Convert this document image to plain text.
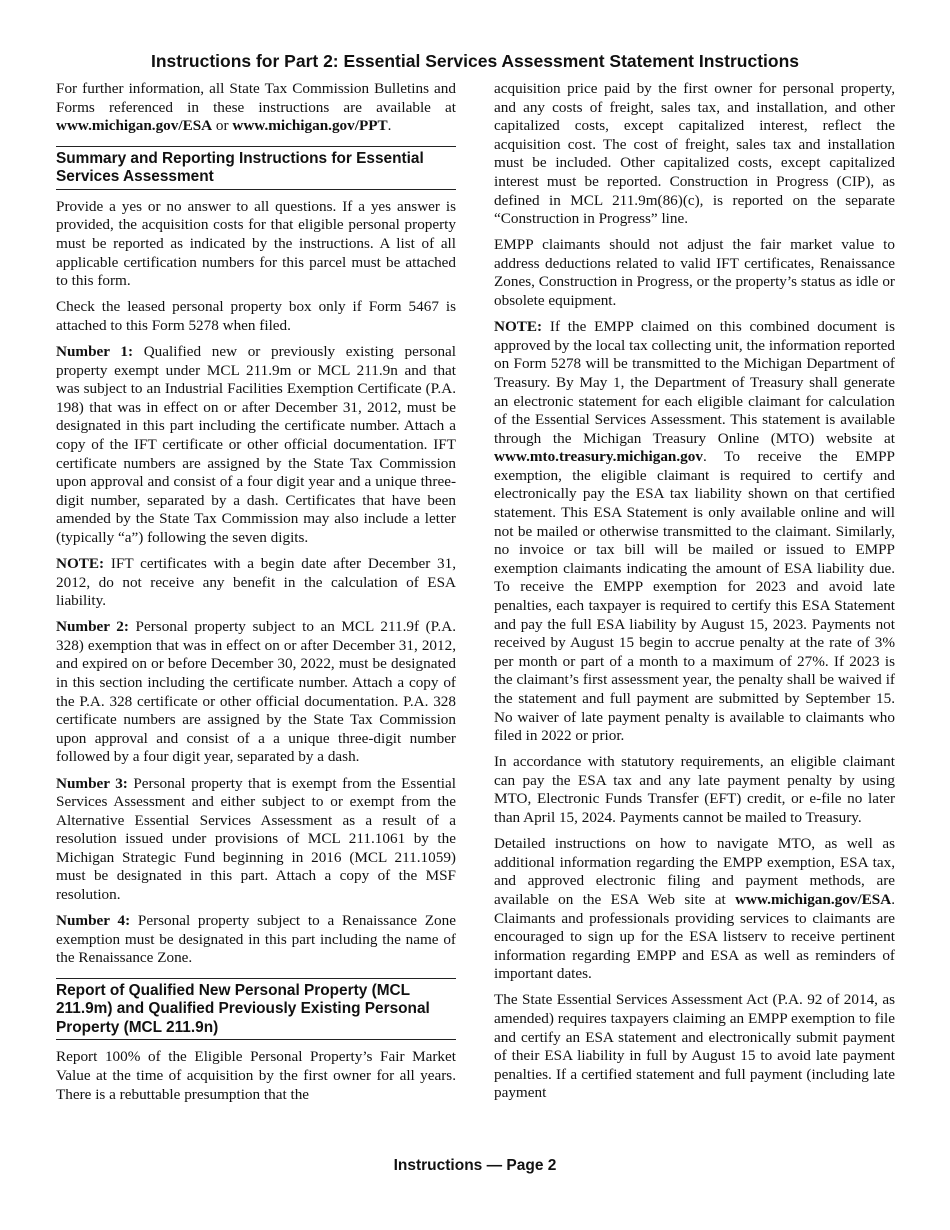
Instructions for Part 2: Essential Services Assessment Statement Instructions

For further information, all State Tax Commission Bulletins and Forms referenced in these instructions are available at www.michigan.gov/ESA or www.michigan.gov/PPT.

Summary and Reporting Instructions for Essential Services Assessment

Provide a yes or no answer to all questions. If a yes answer is provided, the acquisition costs for that eligible personal property must be reported as indicated by the instructions. A list of all applicable certification numbers for this parcel must be attached to this form.

Check the leased personal property box only if Form 5467 is attached to this Form 5278 when filed.

Number 1: Qualified new or previously existing personal property exempt under MCL 211.9m or MCL 211.9n and that was subject to an Industrial Facilities Exemption Certificate (P.A. 198) that was in effect on or after December 31, 2012, must be designated in this part including the certificate number. Attach a copy of the IFT certificate or other official documentation. IFT certificate numbers are assigned by the State Tax Commission upon approval and consist of a four digit year and a unique three-digit number, separated by a dash. Certificates that have been amended by the State Tax Commission may also include a letter (typically “a”) following the seven digits.

NOTE: IFT certificates with a begin date after December 31, 2012, do not receive any benefit in the calculation of ESA liability.

Number 2: Personal property subject to an MCL 211.9f (P.A. 328) exemption that was in effect on or after December 31, 2012, and expired on or before December 30, 2022, must be designated in this section including the certificate number. Attach a copy of the P.A. 328 certificate or other official documentation. P.A. 328 certificate numbers are assigned by the State Tax Commission upon approval and consist of a a unique three-digit number followed by a four digit year, separated by a dash.

Number 3: Personal property that is exempt from the Essential Services Assessment and either subject to or exempt from the Alternative Essential Services Assessment as a result of a resolution issued under provisions of MCL 211.1061 by the Michigan Strategic Fund beginning in 2016 (MCL 211.1059) must be designated in this part. Attach a copy of the MSF resolution.

Number 4: Personal property subject to a Renaissance Zone exemption must be designated in this part including the name of the Renaissance Zone.

Report of Qualified New Personal Property (MCL 211.9m) and Qualified Previously Existing Personal Property (MCL 211.9n)

Report 100% of the Eligible Personal Property’s Fair Market Value at the time of acquisition by the first owner for all years. There is a rebuttable presumption that the

acquisition price paid by the first owner for personal property, and any costs of freight, sales tax, and installation, and other capitalized costs, except capitalized interest, reflect the acquisition cost. The cost of freight, sales tax and installation must be included. Other capitalized costs, except capitalized interest must be reported. Construction in Progress (CIP), as defined in MCL 211.9m(86)(c), is reported on the separate “Construction in Progress” line.

EMPP claimants should not adjust the fair market value to address deductions related to valid IFT certificates, Renaissance Zones, Construction in Progress, or the property’s status as idle or obsolete equipment.

NOTE: If the EMPP claimed on this combined document is approved by the local tax collecting unit, the information reported on Form 5278 will be transmitted to the Michigan Department of Treasury. By May 1, the Department of Treasury shall generate an electronic statement for each eligible claimant for calculation of the Essential Services Assessment. This statement is available through the Michigan Treasury Online (MTO) website at www.mto.treasury.michigan.gov. To receive the EMPP exemption, the eligible claimant is required to certify and electronically pay the ESA tax liability shown on that certified statement. This ESA Statement is only available online and will not be mailed or otherwise transmitted to the claimant. Similarly, no invoice or tax bill will be mailed or issued to EMPP exemption claimants indicating the amount of ESA liability due. To receive the EMPP exemption for 2023 and avoid late penalties, each taxpayer is required to certify this ESA Statement and pay the full ESA liability by August 15, 2023. Payments not received by August 15 begin to accrue penalty at the rate of 3% per month or part of a month to a maximum of 27%. If 2023 is the claimant’s first assessment year, the penalty shall be waived if the statement and full payment are submitted by September 15. No waiver of late payment penalty is available to claimants who filed in 2022 or prior.

In accordance with statutory requirements, an eligible claimant can pay the ESA tax and any late payment penalty by using MTO, Electronic Funds Transfer (EFT) credit, or e-file no later than April 15, 2024. Payments cannot be mailed to Treasury.

Detailed instructions on how to navigate MTO, as well as additional information regarding the EMPP exemption, ESA tax, and approved electronic filing and payment methods, are available on the ESA Web site at www.michigan.gov/ESA. Claimants and professionals providing services to claimants are encouraged to sign up for the ESA listserv to receive pertinent information regarding EMPP and ESA as well as reminders of important dates.

The State Essential Services Assessment Act (P.A. 92 of 2014, as amended) requires taxpayers claiming an EMPP exemption to file and certify an ESA statement and electronically submit payment of their ESA liability in full by August 15 to avoid late payment penalties. If a certified statement and full payment (including late payment

Instructions — Page 2
